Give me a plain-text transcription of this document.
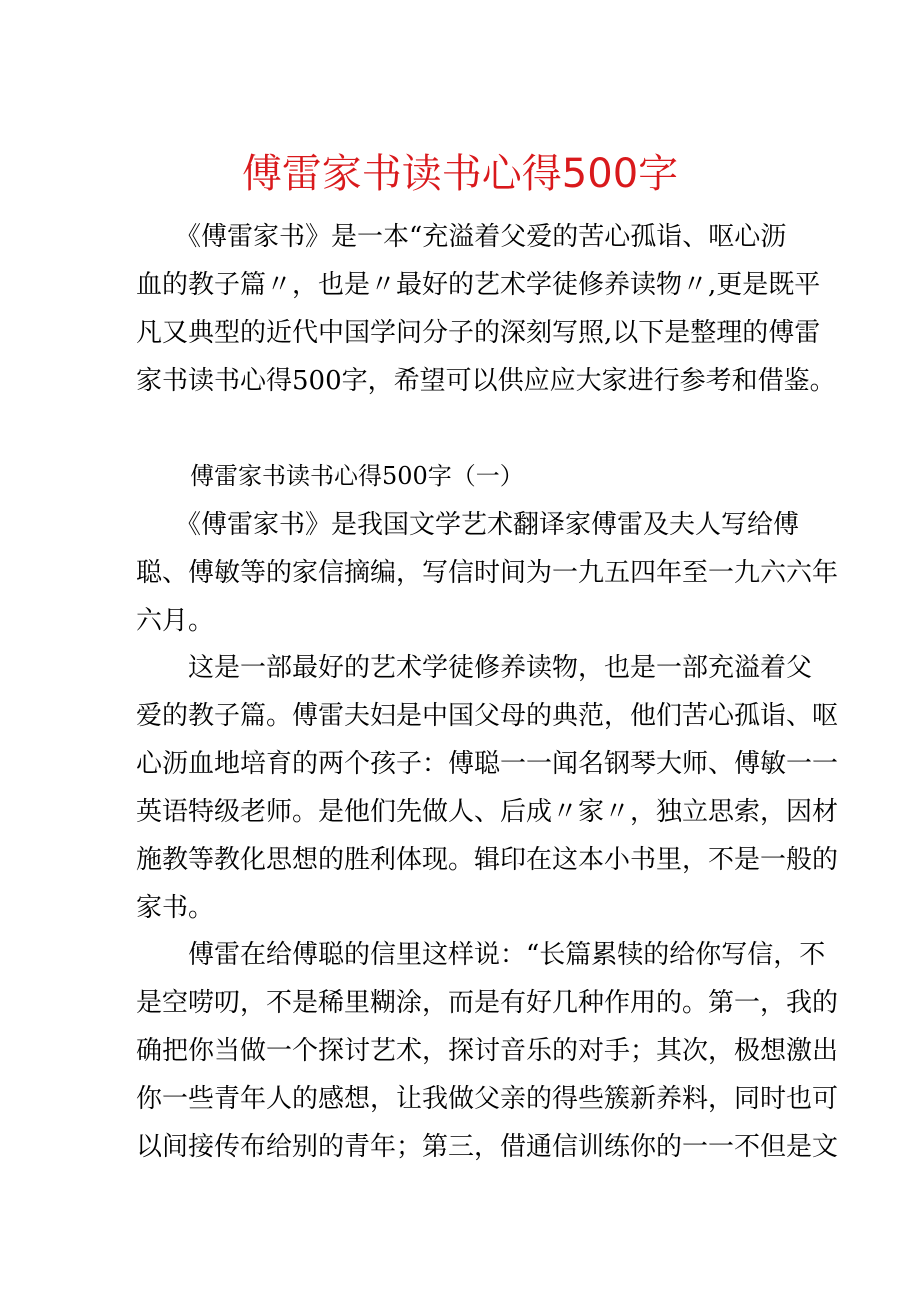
傅雷家书读书心得500字
　　《傅雷家书》是一本“充溢着父爱的苦心孤诣、呕心沥
血的教子篇〃，也是〃最好的艺术学徒修养读物〃,更是既平
凡又典型的近代中国学问分子的深刻写照,以下是整理的傅雷
家书读书心得500字，希望可以供应应大家进行参考和借鉴。
傅雷家书读书心得500字（一）
　　《傅雷家书》是我国文学艺术翻译家傅雷及夫人写给傅
聪、傅敏等的家信摘编，写信时间为一九五四年至一九六六年
六月。
　　这是一部最好的艺术学徒修养读物，也是一部充溢着父
爱的教子篇。傅雷夫妇是中国父母的典范，他们苦心孤诣、呕
心沥血地培育的两个孩子：傅聪一一闻名钢琴大师、傅敏一一
英语特级老师。是他们先做人、后成〃家〃，独立思索，因材
施教等教化思想的胜利体现。辑印在这本小书里，不是一般的
家书。
　　傅雷在给傅聪的信里这样说：“长篇累犊的给你写信，不
是空唠叨，不是稀里糊涂，而是有好几种作用的。第一，我的
确把你当做一个探讨艺术，探讨音乐的对手；其次，极想激出
你一些青年人的感想，让我做父亲的得些簇新养料，同时也可
以间接传布给别的青年；第三，借通信训练你的一一不但是文
